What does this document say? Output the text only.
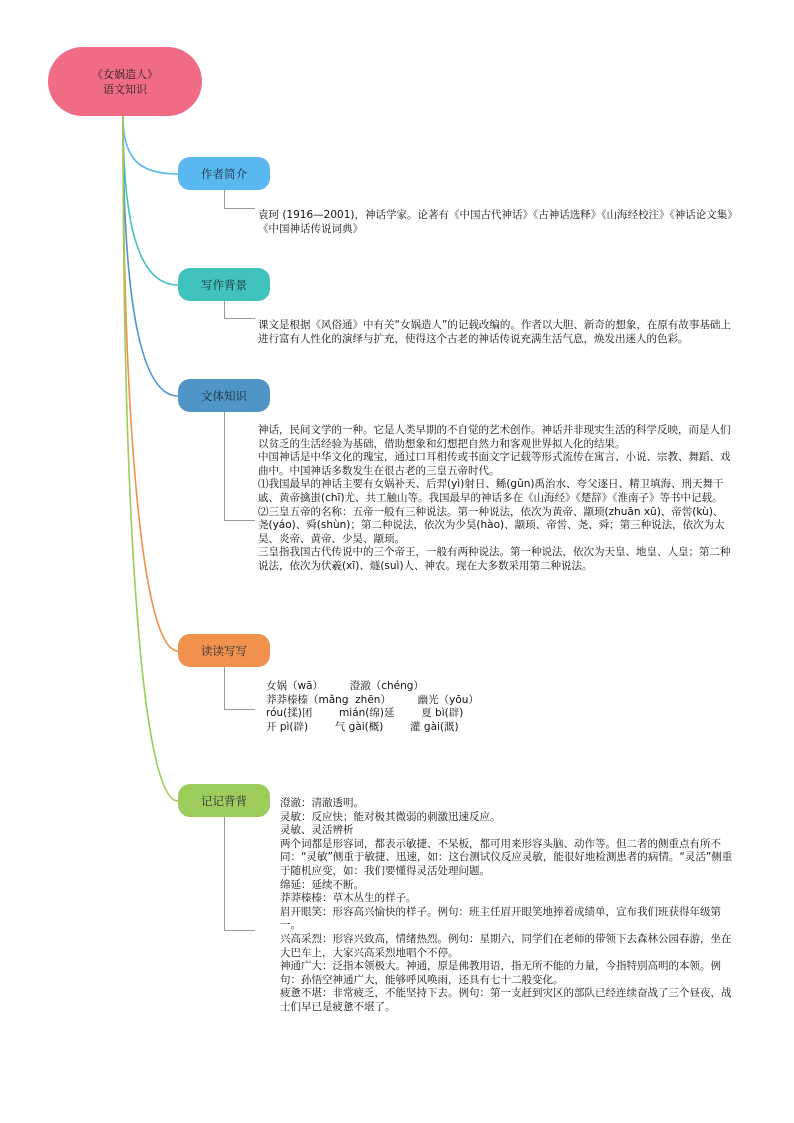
《女娲造人》
语文知识
作者简介

袁珂 (1916—2001)，神话学家。论著有《中国古代神话》《古神话选释》《山海经校注》《神话论文集》《中国神话传说词典》

写作背景

课文是根据《风俗通》中有关“女娲造人”的记载改编的。作者以大胆、新奇的想象，在原有故事基础上进行富有人性化的演绎与扩充，使得这个古老的神话传说充满生活气息，焕发出迷人的色彩。

文体知识

神话，民间文学的一种。它是人类早期的不自觉的艺术创作。神话并非现实生活的科学反映，而是人们以贫乏的生活经验为基础，借助想象和幻想把自然力和客观世界拟人化的结果。

中国神话是中华文化的瑰宝，通过口耳相传或书面文字记载等形式流传在寓言、小说、宗教、舞蹈、戏曲中。中国神话多数发生在很古老的三皇五帝时代。

⑴我国最早的神话主要有女娲补天、后羿(yì)射日、鲧(gǔn)禹治水、夸父逐日、精卫填海、刑天舞干戚、黄帝擒蚩(chī)尤、共工触山等。我国最早的神话多在《山海经》《楚辞》《淮南子》等书中记载。

⑵三皇五帝的名称：五帝一般有三种说法。第一种说法，依次为黄帝、颛顼(zhuān xū)、帝喾(kù)、尧(yáo)、舜(shùn)；第二种说法，依次为少昊(hào)、颛顼、帝喾、尧、舜；第三种说法，依次为太昊、炎帝、黄帝、少昊、颛顼。

三皇指我国古代传说中的三个帝王，一般有两种说法。第一种说法，依次为天皇、地皇、人皇；第二种说法，依次为伏羲(xī)、燧(suì)人、神农。现在大多数采用第二种说法。

读读写写

女娲（wā）        澄澈（chéng）

莽莽榛榛（mǎng  zhēn）        幽光（yōu）

róu(揉)团        mián(绵)延        夏 bì(辟)

开 pì(辟)        气 gài(概)        灌 gài(溉)

记记背背	澄澈：清澈透明。

灵敏：反应快；能对极其微弱的刺激迅速反应。

灵敏、灵活辨析

两个词都是形容词，都表示敏捷、不呆板，都可用来形容头脑、动作等。但二者的侧重点有所不同：“灵敏”侧重于敏捷、迅速，如：这台测试仪反应灵敏，能很好地检测患者的病情。“灵活”侧重于随机应变，如：我们要懂得灵活处理问题。

绵延：延续不断。

莽莽榛榛：草木丛生的样子。

眉开眼笑：形容高兴愉快的样子。例句：班主任眉开眼笑地捧着成绩单，宣布我们班获得年级第一。

兴高采烈：形容兴致高，情绪热烈。例句：星期六，同学们在老师的带领下去森林公园春游，坐在大巴车上，大家兴高采烈地唱个不停。

神通广大：泛指本领极大。神通，原是佛教用语，指无所不能的力量，今指特别高明的本领。例句：孙悟空神通广大，能够呼风唤雨，还具有七十二般变化。

疲惫不堪：非常疲乏，不能坚持下去。例句：第一支赶到灾区的部队已经连续奋战了三个昼夜，战士们早已是疲惫不堪了。
